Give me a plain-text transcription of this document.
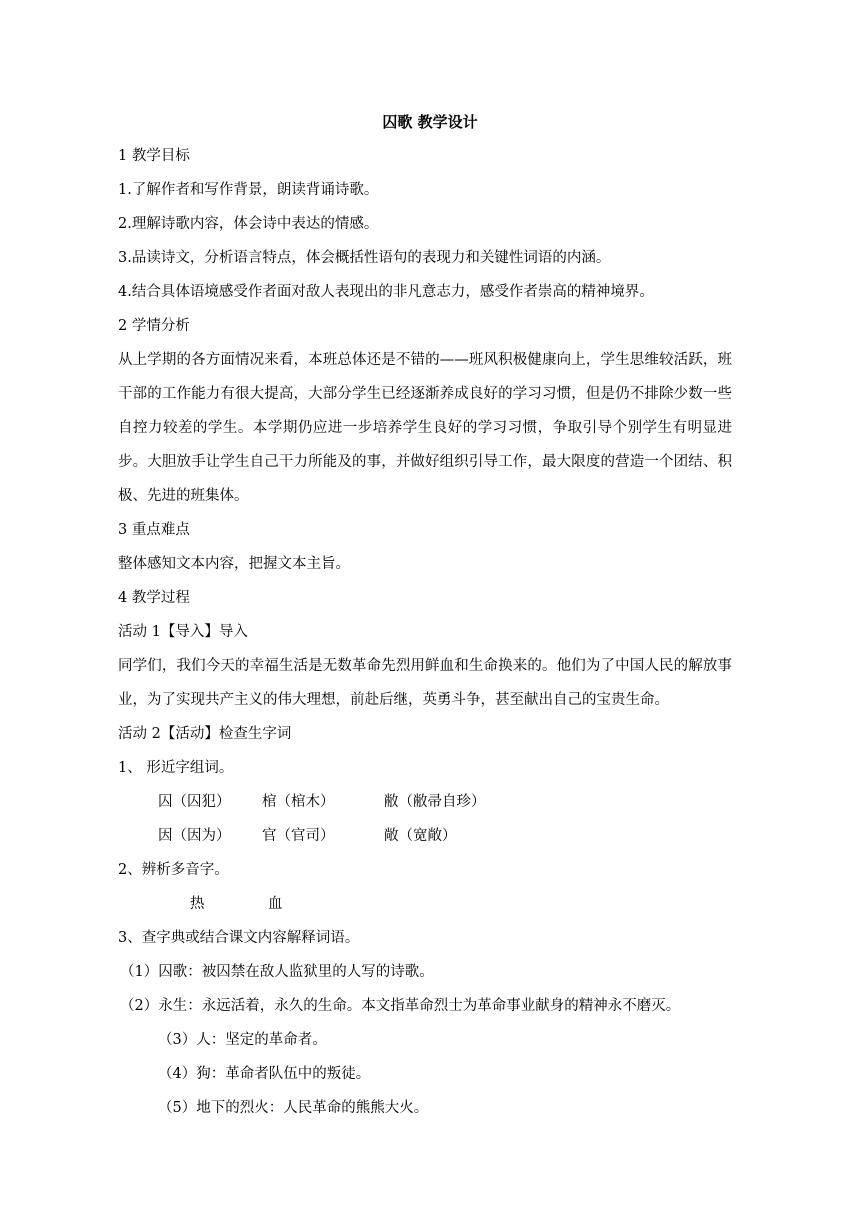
囚歌 教学设计
1 教学目标
1.了解作者和写作背景，朗读背诵诗歌。
2.理解诗歌内容，体会诗中表达的情感。
3.品读诗文，分析语言特点，体会概括性语句的表现力和关键性词语的内涵。
4.结合具体语境感受作者面对敌人表现出的非凡意志力，感受作者崇高的精神境界。
2 学情分析
从上学期的各方面情况来看，本班总体还是不错的——班风积极健康向上，学生思维较活跃，班干部的工作能力有很大提高，大部分学生已经逐渐养成良好的学习习惯，但是仍不排除少数一些自控力较差的学生。本学期仍应进一步培养学生良好的学习习惯，争取引导个别学生有明显进步。大胆放手让学生自己干力所能及的事，并做好组织引导工作，最大限度的营造一个团结、积极、先进的班集体。
3 重点难点
整体感知文本内容，把握文本主旨。
4 教学过程
活动 1【导入】导入
同学们，我们今天的幸福生活是无数革命先烈用鲜血和生命换来的。他们为了中国人民的解放事业，为了实现共产主义的伟大理想，前赴后继，英勇斗争，甚至献出自己的宝贵生命。
活动 2【活动】检查生字词
1、 形近字组词。
囚（囚犯） 棺（棺木）	敝（敝帚自珍）
因（因为） 官（官司）	敞（宽敞）
2、辨析多音字。
热	血
3、查字典或结合课文内容解释词语。
（1）囚歌：被囚禁在敌人监狱里的人写的诗歌。
（2）永生：永远活着，永久的生命。本文指革命烈士为革命事业献身的精神永不磨灭。
（3）人：坚定的革命者。
（4）狗：革命者队伍中的叛徒。
（5）地下的烈火：人民革命的熊熊大火。
